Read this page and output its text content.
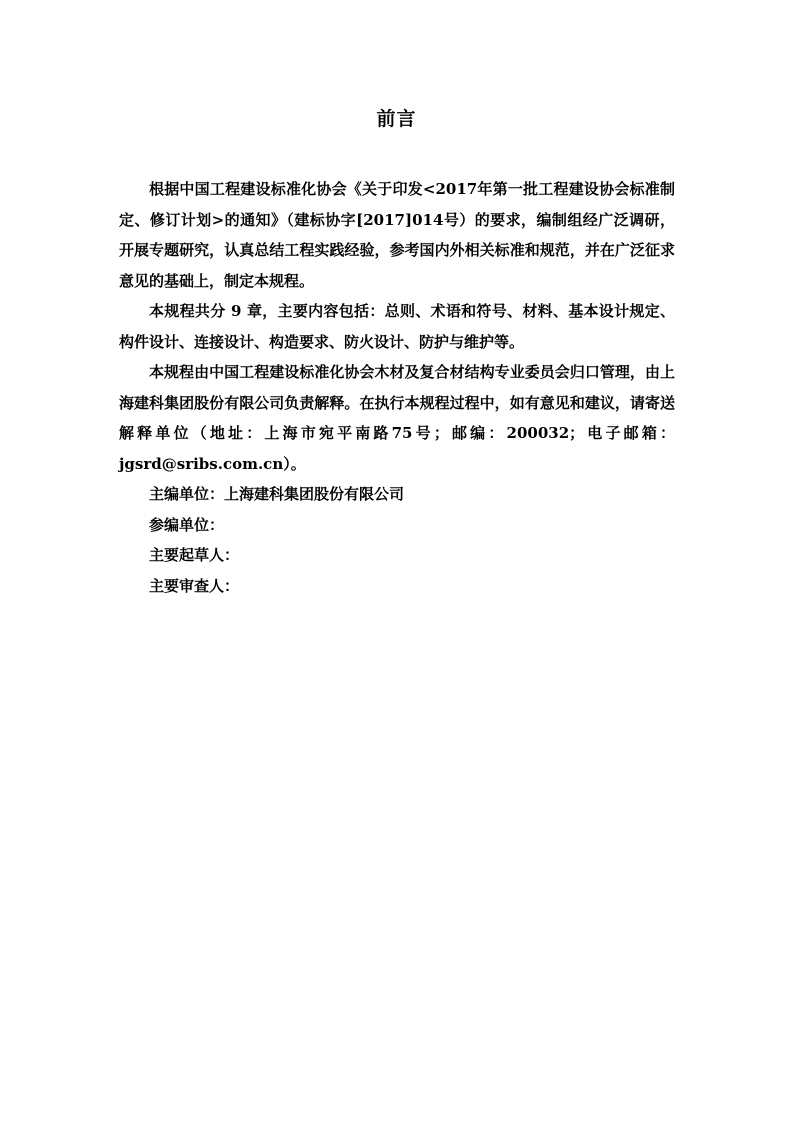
前言

根据中国工程建设标准化协会《关于印发<2017年第一批工程建设协会标准制定、修订计划>的通知》（建标协字[2017]014号）的要求，编制组经广泛调研，开展专题研究，认真总结工程实践经验，参考国内外相关标准和规范，并在广泛征求意见的基础上，制定本规程。

本规程共分 9 章，主要内容包括：总则、术语和符号、材料、基本设计规定、构件设计、连接设计、构造要求、防火设计、防护与维护等。

本规程由中国工程建设标准化协会木材及复合材结构专业委员会归口管理，由上海建科集团股份有限公司负责解释。在执行本规程过程中，如有意见和建议，请寄送解释单位（地址：上海市宛平南路75号；邮编：200032；电子邮箱：jgsrd@sribs.com.cn）。

主编单位：上海建科集团股份有限公司

参编单位：

主要起草人：

主要审查人：
